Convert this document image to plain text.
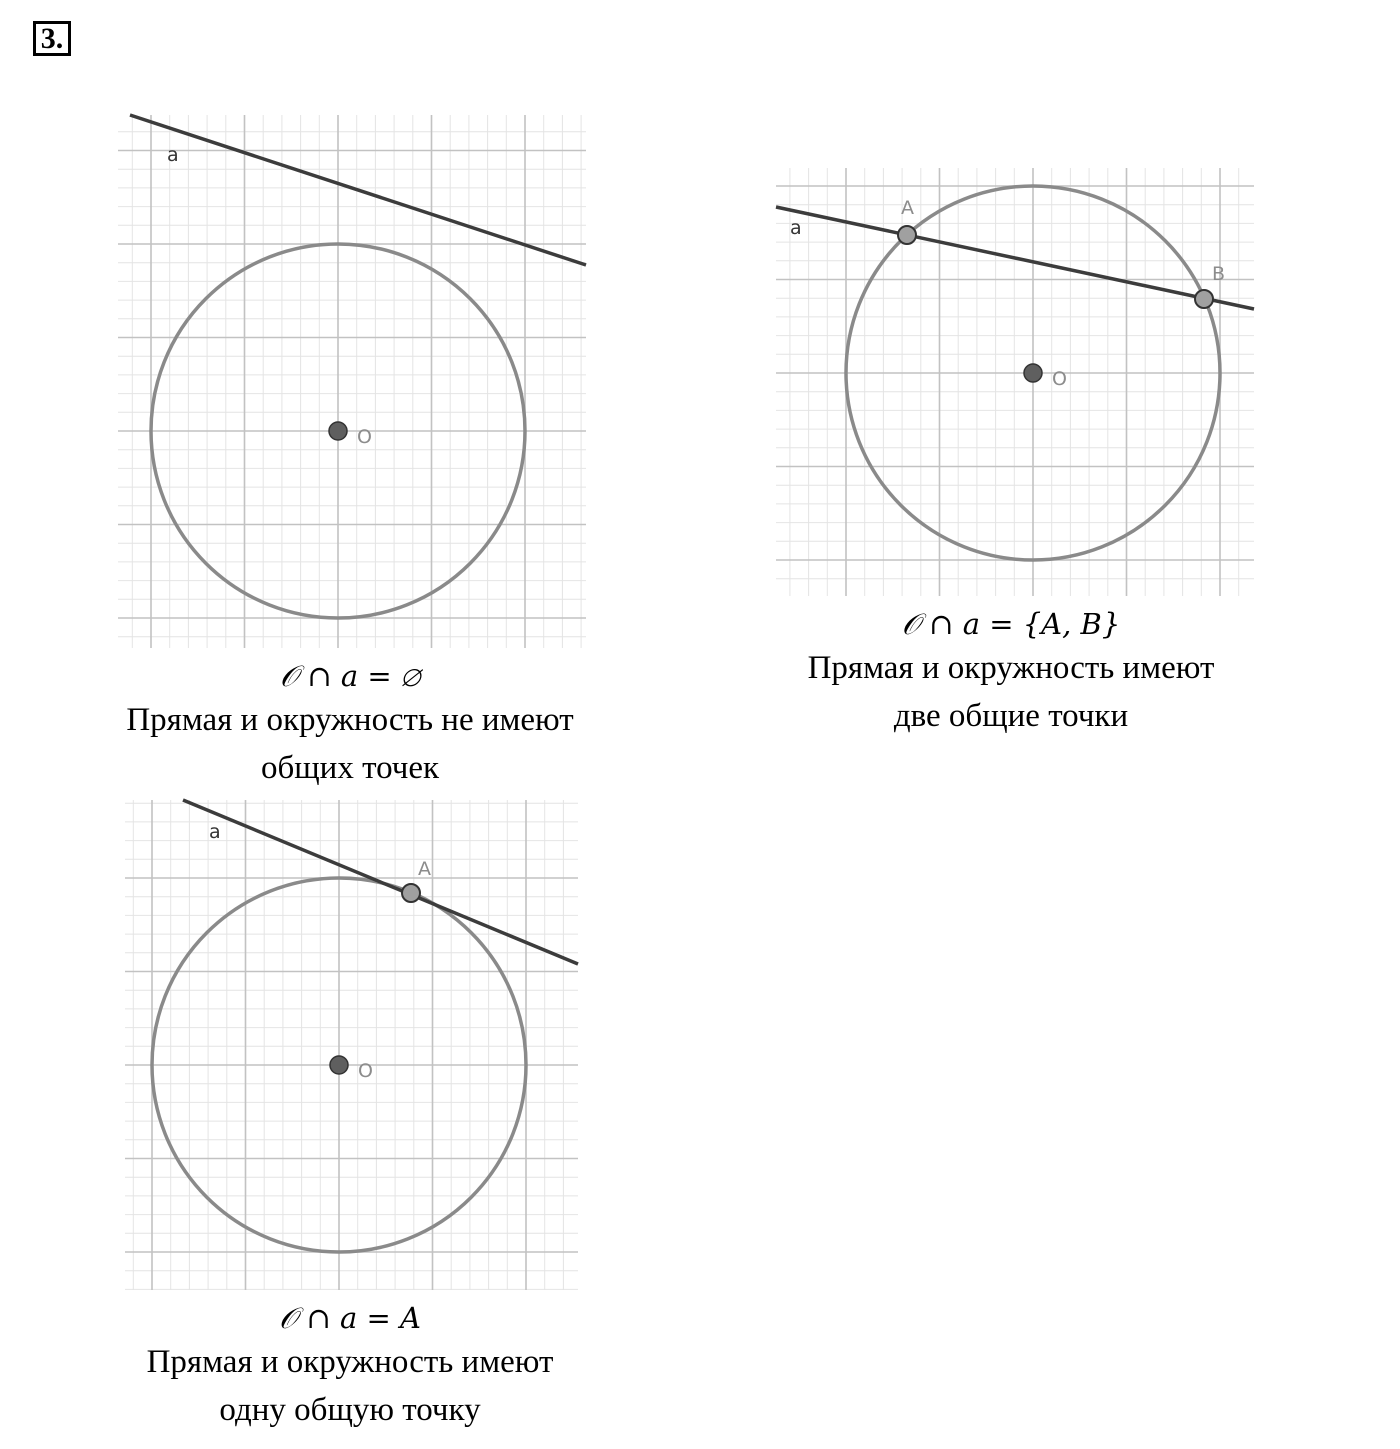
3.
a
O
𝒪 ∩ a = ∅
Прямая и окружность не имеют
общих точек
a
A
B
O
𝒪 ∩ a = {A, B}
Прямая и окружность имеют
две общие точки
a
A
O
𝒪 ∩ a = A
Прямая и окружность имеют
одну общую точку
